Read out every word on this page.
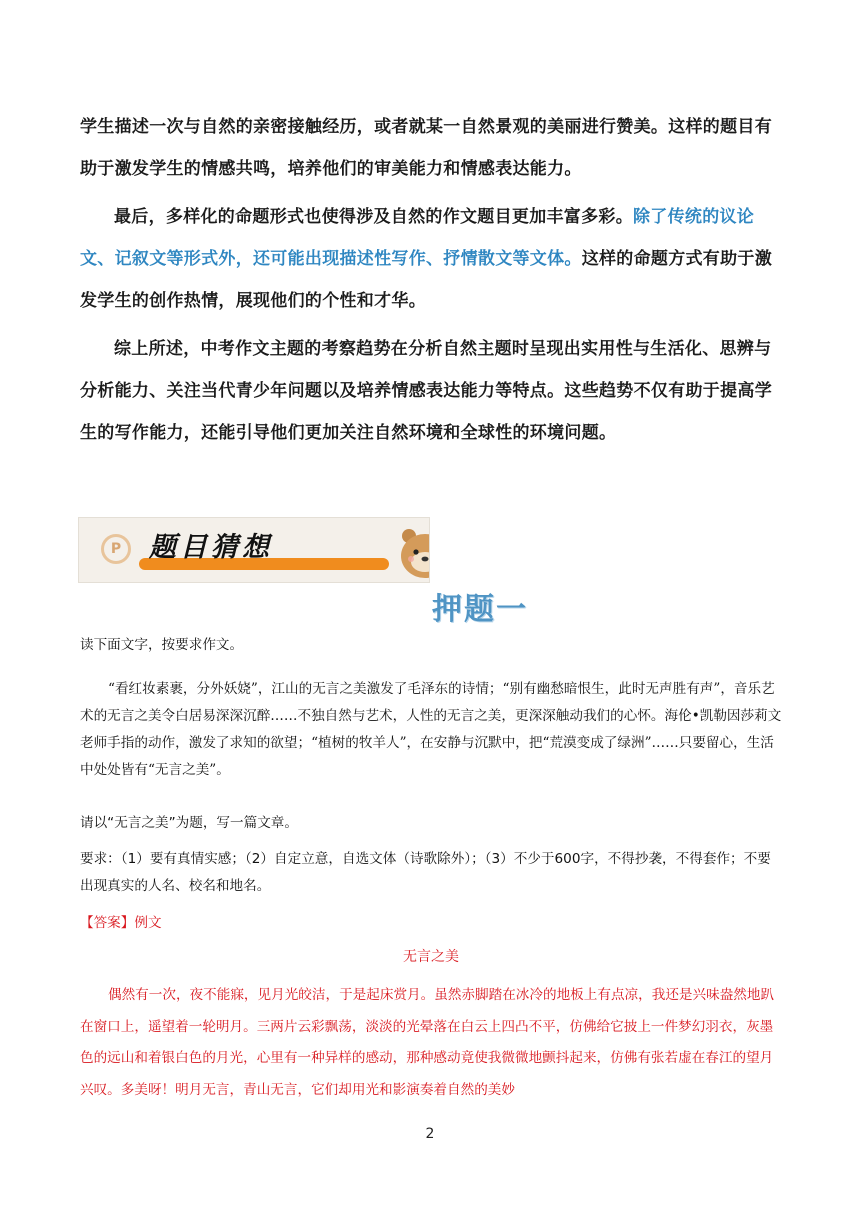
学生描述一次与自然的亲密接触经历，或者就某一自然景观的美丽进行赞美。这样的题目有助于激发学生的情感共鸣，培养他们的审美能力和情感表达能力。

最后，多样化的命题形式也使得涉及自然的作文题目更加丰富多彩。除了传统的议论文、记叙文等形式外，还可能出现描述性写作、抒情散文等文体。这样的命题方式有助于激发学生的创作热情，展现他们的个性和才华。

综上所述，中考作文主题的考察趋势在分析自然主题时呈现出实用性与生活化、思辨与分析能力、关注当代青少年问题以及培养情感表达能力等特点。这些趋势不仅有助于提高学生的写作能力，还能引导他们更加关注自然环境和全球性的环境问题。

P 题目猜想
押题一

读下面文字，按要求作文。

“看红妆素裹，分外妖娆”，江山的无言之美激发了毛泽东的诗情；“别有幽愁暗恨生，此时无声胜有声”，音乐艺术的无言之美令白居易深深沉醉……不独自然与艺术，人性的无言之美，更深深触动我们的心怀。海伦•凯勒因莎莉文老师手指的动作，激发了求知的欲望；“植树的牧羊人”，在安静与沉默中，把“荒漠变成了绿洲”……只要留心，生活中处处皆有“无言之美”。

请以“无言之美”为题，写一篇文章。

要求：（1）要有真情实感；（2）自定立意，自选文体（诗歌除外）；（3）不少于600字，不得抄袭，不得套作；不要出现真实的人名、校名和地名。

【答案】例文

无言之美

偶然有一次，夜不能寐，见月光皎洁，于是起床赏月。虽然赤脚踏在冰冷的地板上有点凉，我还是兴味盎然地趴在窗口上，遥望着一轮明月。三两片云彩飘荡，淡淡的光晕落在白云上四凸不平，仿佛给它披上一件梦幻羽衣，灰墨色的远山和着银白色的月光，心里有一种异样的感动，那种感动竟使我微微地颤抖起来，仿佛有张若虚在春江的望月兴叹。多美呀！明月无言，青山无言，它们却用光和影演奏着自然的美妙

2
